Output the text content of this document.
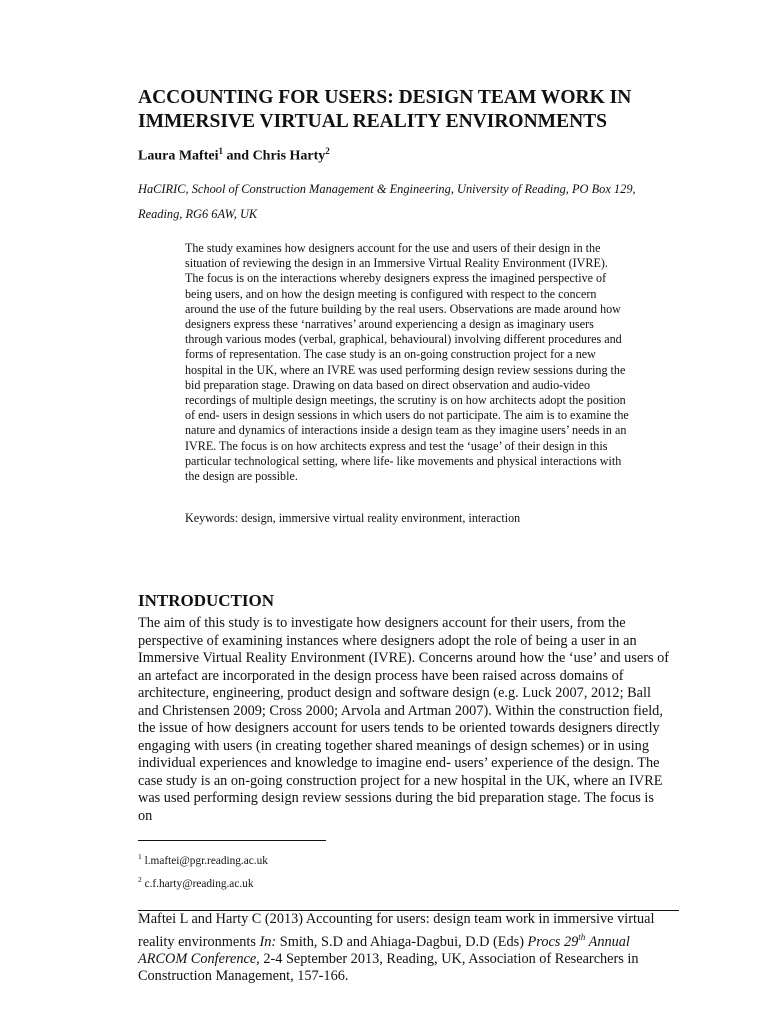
ACCOUNTING FOR USERS: DESIGN TEAM WORK IN IMMERSIVE VIRTUAL REALITY ENVIRONMENTS

Laura Maftei$^1$ and Chris Harty$^2$

HaCIRIC, School of Construction Management & Engineering, University of Reading, PO Box 129, Reading, RG6 6AW, UK

The study examines how designers account for the use and users of their design in the situation of reviewing the design in an Immersive Virtual Reality Environment (IVRE). The focus is on the interactions whereby designers express the imagined perspective of being users, and on how the design meeting is configured with respect to the concern around the use of the future building by the real users. Observations are made around how designers express these ‘narratives’ around experiencing a design as imaginary users through various modes (verbal, graphical, behavioural) involving different procedures and forms of representation. The case study is an on-going construction project for a new hospital in the UK, where an IVRE was used performing design review sessions during the bid preparation stage. Drawing on data based on direct observation and audio-video recordings of multiple design meetings, the scrutiny is on how architects adopt the position of end- users in design sessions in which users do not participate. The aim is to examine the nature and dynamics of interactions inside a design team as they imagine users’ needs in an IVRE. The focus is on how architects express and test the ‘usage’ of their design in this particular technological setting, where life- like movements and physical interactions with the design are possible.

Keywords: design, immersive virtual reality environment, interaction

INTRODUCTION

The aim of this study is to investigate how designers account for their users, from the perspective of examining instances where designers adopt the role of being a user in an Immersive Virtual Reality Environment (IVRE). Concerns around how the ‘use’ and users of an artefact are incorporated in the design process have been raised across domains of architecture, engineering, product design and software design (e.g. Luck 2007, 2012; Ball and Christensen 2009; Cross 2000; Arvola and Artman 2007). Within the construction field, the issue of how designers account for users tends to be oriented towards designers directly engaging with users (in creating together shared meanings of design schemes) or in using individual experiences and knowledge to imagine end- users’ experience of the design. The case study is an on-going construction project for a new hospital in the UK, where an IVRE was used performing design review sessions during the bid preparation stage. The focus is on

$^1$ l.maftei@pgr.reading.ac.uk

$^2$ c.f.harty@reading.ac.uk

Maftei L and Harty C (2013) Accounting for users: design team work in immersive virtual reality environments In: Smith, S.D and Ahiaga-Dagbui, D.D (Eds) Procs 29th Annual ARCOM Conference, 2-4 September 2013, Reading, UK, Association of Researchers in Construction Management, 157-166.
